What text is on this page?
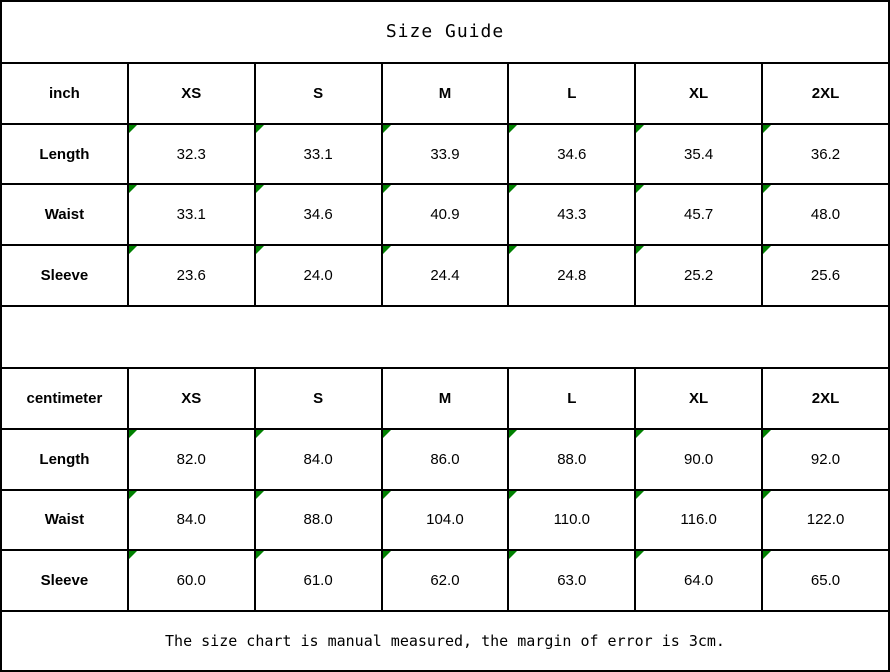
Size Guide						
inch	XS	S	M	L	XL	2XL
Length	32.3	33.1	33.9	34.6	35.4	36.2
Waist	33.1	34.6	40.9	43.3	45.7	48.0
Sleeve	23.6	24.0	24.4	24.8	25.2	25.6

centimeter	XS	S	M	L	XL	2XL
Length	82.0	84.0	86.0	88.0	90.0	92.0
Waist	84.0	88.0	104.0	110.0	116.0	122.0
Sleeve	60.0	61.0	62.0	63.0	64.0	65.0
The size chart is manual measured, the margin of error is 3cm.						
